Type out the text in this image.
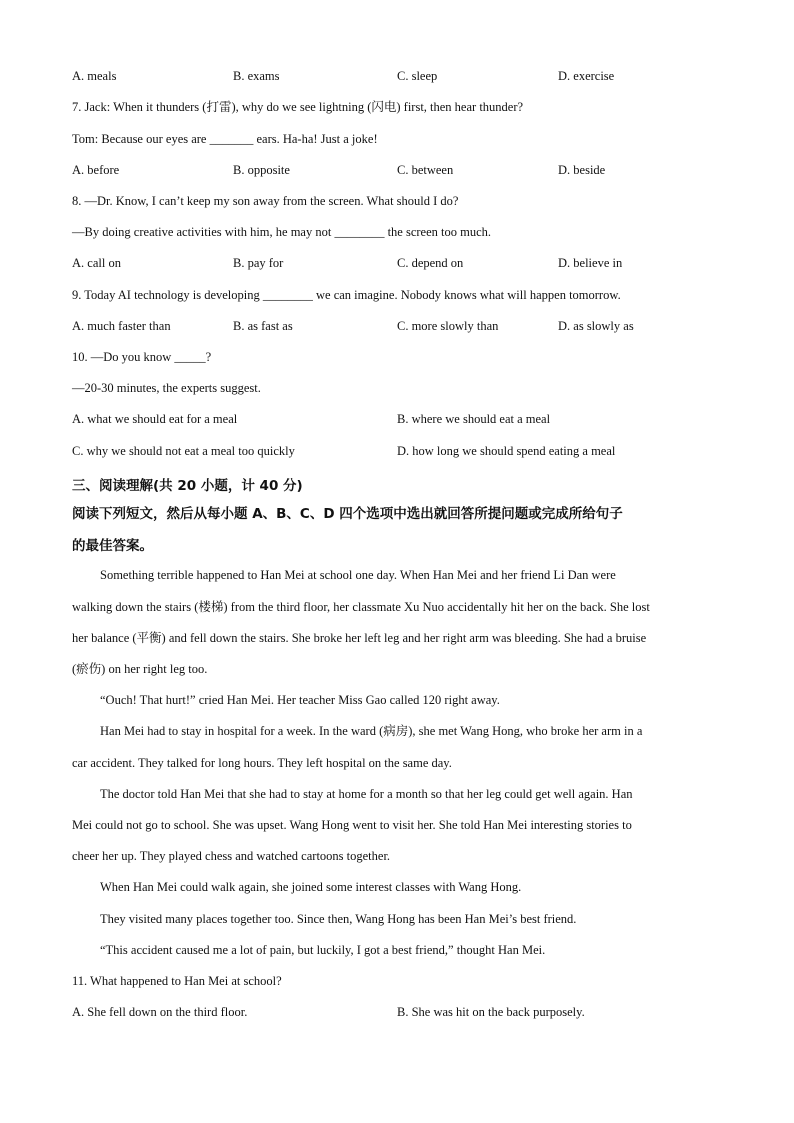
A. meals	B. exams	C. sleep	D. exercise
7. Jack: When it thunders (打雷), why do we see lightning (闪电) first, then hear thunder?
Tom: Because our eyes are _______ ears. Ha-ha! Just a joke!
A. before	B. opposite	C. between	D. beside
8. —Dr. Know, I can’t keep my son away from the screen. What should I do?
—By doing creative activities with him, he may not ________ the screen too much.
A. call on	B. pay for	C. depend on	D. believe in
9. Today AI technology is developing ________ we can imagine. Nobody knows what will happen tomorrow.
A. much faster than	B. as fast as	C. more slowly than	D. as slowly as
10. —Do you know _____?
—20-30 minutes, the experts suggest.
A. what we should eat for a meal	B. where we should eat a meal
C. why we should not eat a meal too quickly	D. how long we should spend eating a meal
三、阅读理解(共 20 小题，计 40 分)
阅读下列短文，然后从每小题 A、B、C、D 四个选项中选出就回答所提问题或完成所给句子
的最佳答案。
Something terrible happened to Han Mei at school one day. When Han Mei and her friend Li Dan were
walking down the stairs (楼梯) from the third floor, her classmate Xu Nuo accidentally hit her on the back. She lost
her balance (平衡) and fell down the stairs. She broke her left leg and her right arm was bleeding. She had a bruise
(瘀伤) on her right leg too.
“Ouch! That hurt!” cried Han Mei. Her teacher Miss Gao called 120 right away.
Han Mei had to stay in hospital for a week. In the ward (病房), she met Wang Hong, who broke her arm in a
car accident. They talked for long hours. They left hospital on the same day.
The doctor told Han Mei that she had to stay at home for a month so that her leg could get well again. Han
Mei could not go to school. She was upset. Wang Hong went to visit her. She told Han Mei interesting stories to
cheer her up. They played chess and watched cartoons together.
When Han Mei could walk again, she joined some interest classes with Wang Hong.
They visited many places together too. Since then, Wang Hong has been Han Mei’s best friend.
“This accident caused me a lot of pain, but luckily, I got a best friend,” thought Han Mei.
11. What happened to Han Mei at school?
A. She fell down on the third floor.	B. She was hit on the back purposely.
